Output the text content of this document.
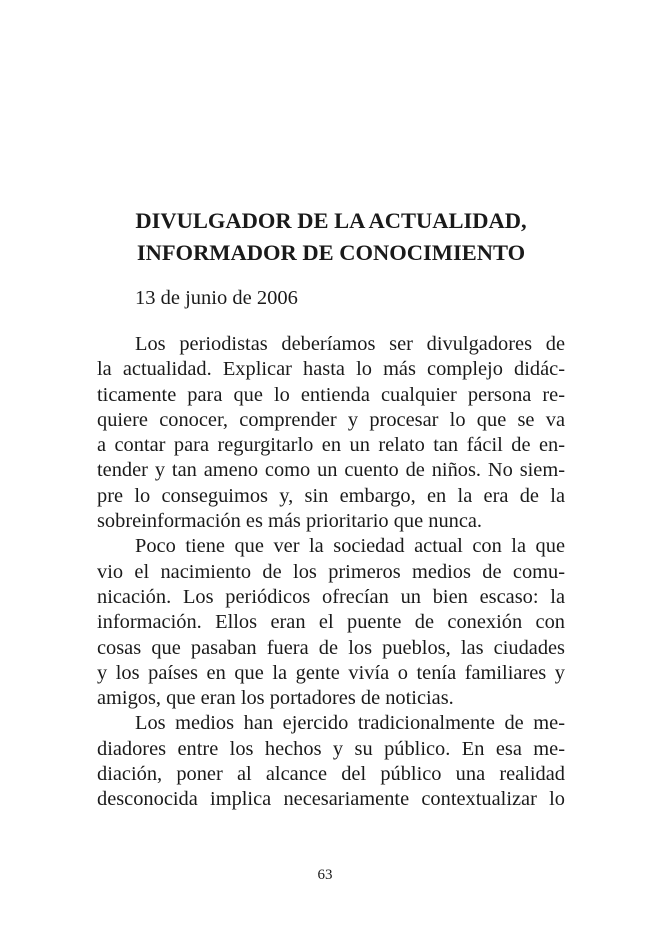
DIVULGADOR DE LA ACTUALIDAD,
INFORMADOR DE CONOCIMIENTO

13 de junio de 2006

Los periodistas deberíamos ser divulgadores de
la actualidad. Explicar hasta lo más complejo didác-
ticamente para que lo entienda cualquier persona re-
quiere conocer, comprender y procesar lo que se va
a contar para regurgitarlo en un relato tan fácil de en-
tender y tan ameno como un cuento de niños. No siem-
pre lo conseguimos y, sin embargo, en la era de la
sobreinformación es más prioritario que nunca.

Poco tiene que ver la sociedad actual con la que
vio el nacimiento de los primeros medios de comu-
nicación. Los periódicos ofrecían un bien escaso: la
información. Ellos eran el puente de conexión con
cosas que pasaban fuera de los pueblos, las ciudades
y los países en que la gente vivía o tenía familiares y
amigos, que eran los portadores de noticias.

Los medios han ejercido tradicionalmente de me-
diadores entre los hechos y su público. En esa me-
diación, poner al alcance del público una realidad
desconocida implica necesariamente contextualizar lo

63
